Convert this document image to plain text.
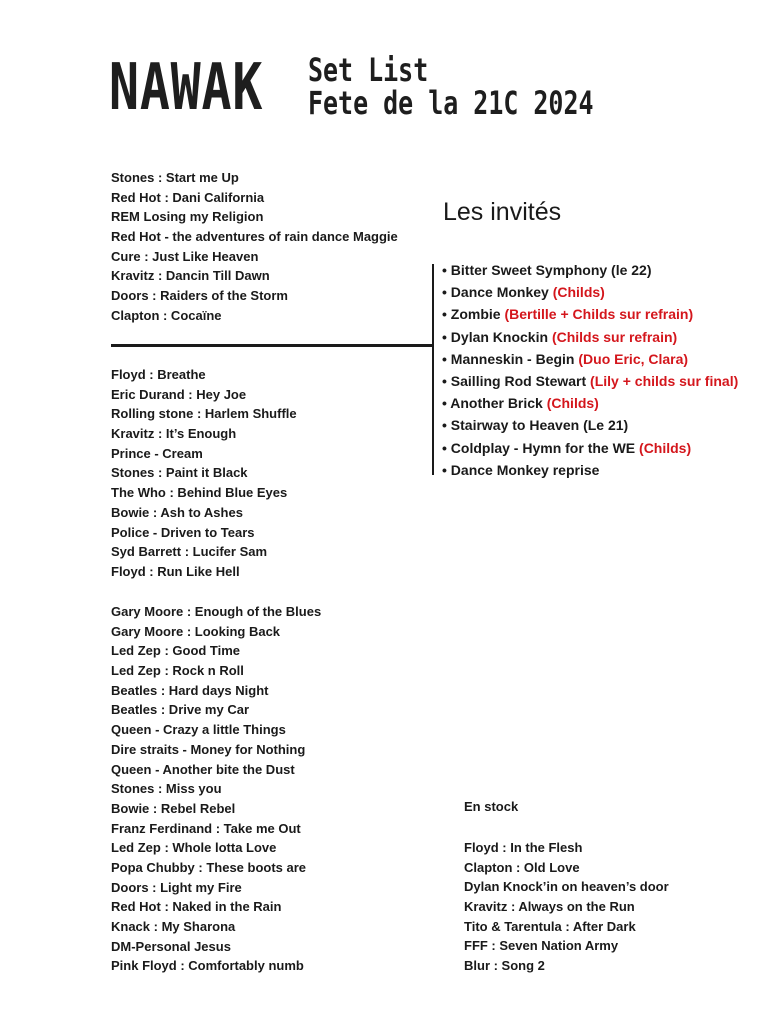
NAWAK Set List
Fete de la 21C 2024
Stones : Start me Up
Red Hot : Dani California
REM Losing my Religion
Red Hot - the adventures of rain dance Maggie
Cure : Just Like Heaven
Kravitz : Dancin Till Dawn
Doors : Raiders of the Storm
Clapton : Cocaïne
Floyd : Breathe
Eric Durand : Hey Joe
Rolling stone : Harlem Shuffle
Kravitz : It’s Enough
Prince - Cream
Stones : Paint it Black
The Who : Behind Blue Eyes
Bowie : Ash to Ashes
Police - Driven to Tears
Syd Barrett : Lucifer Sam
Floyd : Run Like Hell
Gary Moore : Enough of the Blues
Gary Moore : Looking Back
Led Zep : Good Time
Led Zep : Rock n Roll
Beatles : Hard days Night
Beatles : Drive my Car
Queen - Crazy a little Things
Dire straits - Money for Nothing
Queen - Another bite the Dust
Stones : Miss you
Bowie : Rebel Rebel
Franz Ferdinand : Take me Out
Led Zep : Whole lotta Love
Popa Chubby : These boots are
Doors : Light my Fire
Red Hot : Naked in the Rain
Knack : My Sharona
DM-Personal Jesus
Pink Floyd : Comfortably numb
Les invités
• Bitter Sweet Symphony (le 22)
• Dance Monkey (Childs)
• Zombie (Bertille + Childs sur refrain)
• Dylan Knockin (Childs sur refrain)
• Manneskin - Begin (Duo Eric, Clara)
• Sailling Rod Stewart (Lily + childs sur final)
• Another Brick (Childs)
• Stairway to Heaven (Le 21)
• Coldplay - Hymn for the WE (Childs)
• Dance Monkey reprise
En stock
Floyd : In the Flesh
Clapton : Old Love
Dylan Knock’in on heaven’s door
Kravitz : Always on the Run
Tito & Tarentula : After Dark
FFF : Seven Nation Army
Blur : Song 2
